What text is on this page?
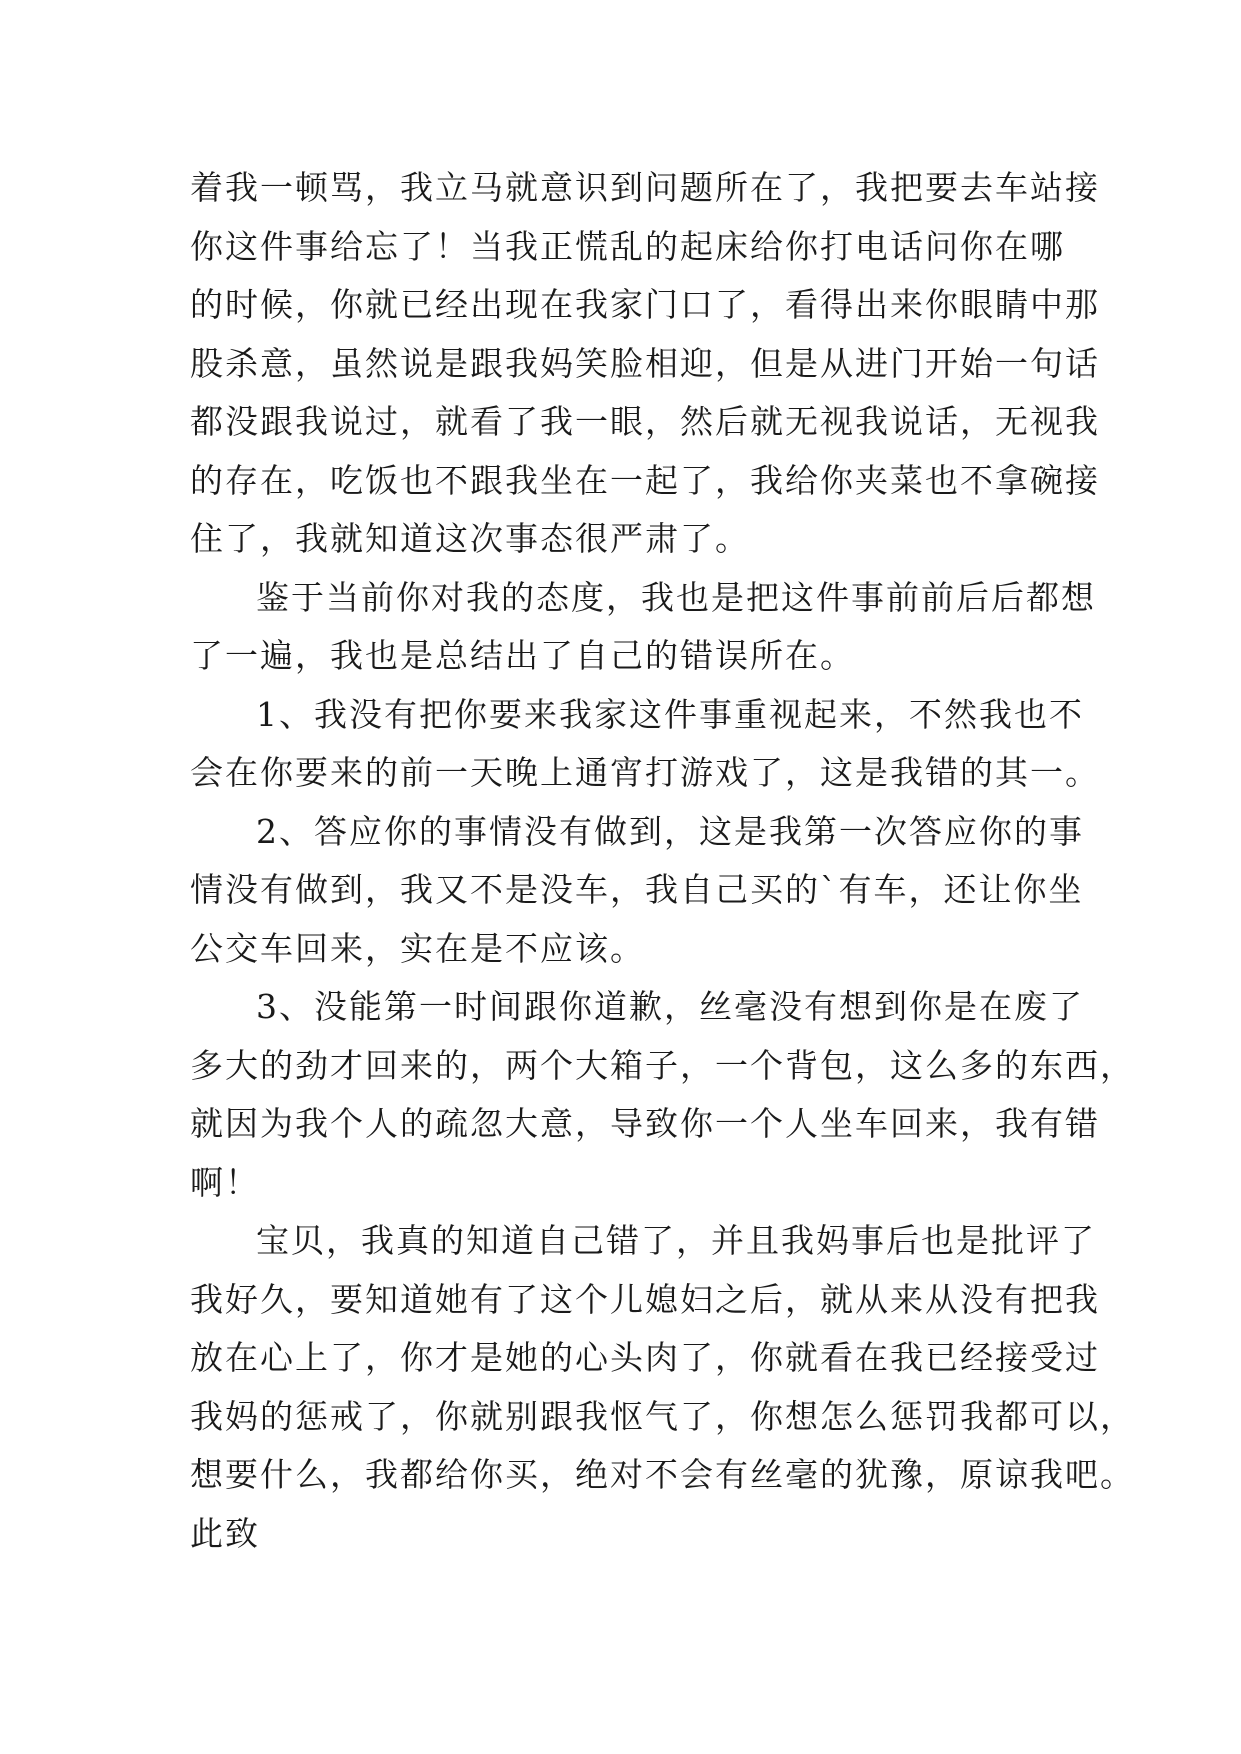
着我一顿骂，我立马就意识到问题所在了，我把要去车站接
你这件事给忘了！当我正慌乱的起床给你打电话问你在哪
的时候，你就已经出现在我家门口了，看得出来你眼睛中那
股杀意，虽然说是跟我妈笑脸相迎，但是从进门开始一句话
都没跟我说过，就看了我一眼，然后就无视我说话，无视我
的存在，吃饭也不跟我坐在一起了，我给你夹菜也不拿碗接
住了，我就知道这次事态很严肃了。
鉴于当前你对我的态度，我也是把这件事前前后后都想
了一遍，我也是总结出了自己的错误所在。
1、我没有把你要来我家这件事重视起来，不然我也不
会在你要来的前一天晚上通宵打游戏了，这是我错的其一。
2、答应你的事情没有做到，这是我第一次答应你的事
情没有做到，我又不是没车，我自己买的`有车，还让你坐
公交车回来，实在是不应该。
3、没能第一时间跟你道歉，丝毫没有想到你是在废了
多大的劲才回来的，两个大箱子，一个背包，这么多的东西，
就因为我个人的疏忽大意，导致你一个人坐车回来，我有错
啊！
宝贝，我真的知道自己错了，并且我妈事后也是批评了
我好久，要知道她有了这个儿媳妇之后，就从来从没有把我
放在心上了，你才是她的心头肉了，你就看在我已经接受过
我妈的惩戒了，你就别跟我怄气了，你想怎么惩罚我都可以，
想要什么，我都给你买，绝对不会有丝毫的犹豫，原谅我吧。
此致
